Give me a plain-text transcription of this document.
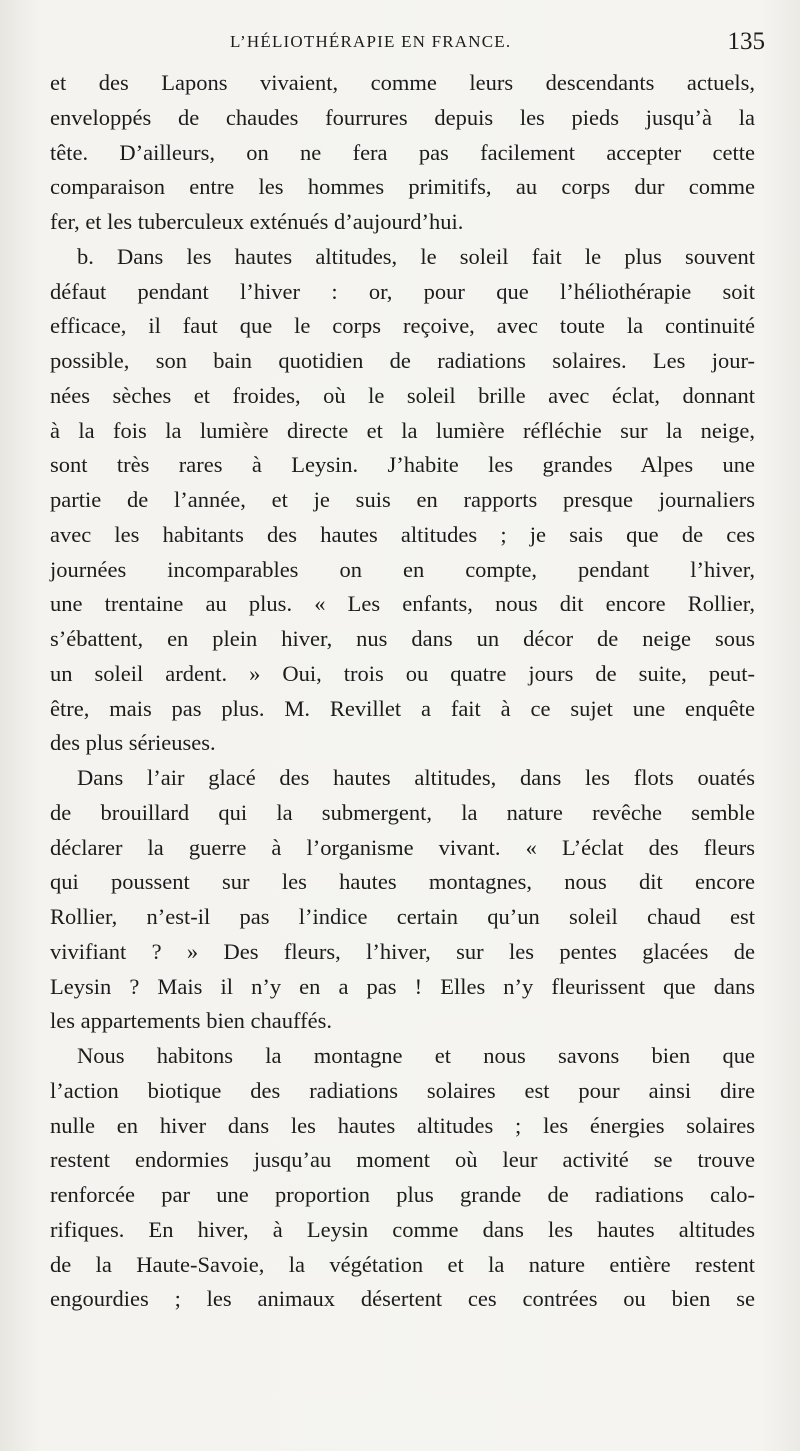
L’HÉLIOTHÉRAPIE EN FRANCE.	135
et des Lapons vivaient, comme leurs descendants actuels,
enveloppés de chaudes fourrures depuis les pieds jusqu’à la
tête. D’ailleurs, on ne fera pas facilement accepter cette
comparaison entre les hommes primitifs, au corps dur comme
fer, et les tuberculeux exténués d’aujourd’hui.
b. Dans les hautes altitudes, le soleil fait le plus souvent
défaut pendant l’hiver : or, pour que l’héliothérapie soit
efficace, il faut que le corps reçoive, avec toute la continuité
possible, son bain quotidien de radiations solaires. Les jour-
nées sèches et froides, où le soleil brille avec éclat, donnant
à la fois la lumière directe et la lumière réfléchie sur la neige,
sont très rares à Leysin. J’habite les grandes Alpes une
partie de l’année, et je suis en rapports presque journaliers
avec les habitants des hautes altitudes ; je sais que de ces
journées incomparables on en compte, pendant l’hiver,
une trentaine au plus. « Les enfants, nous dit encore Rollier,
s’ébattent, en plein hiver, nus dans un décor de neige sous
un soleil ardent. » Oui, trois ou quatre jours de suite, peut-
être, mais pas plus. M. Revillet a fait à ce sujet une enquête
des plus sérieuses.
Dans l’air glacé des hautes altitudes, dans les flots ouatés
de brouillard qui la submergent, la nature revêche semble
déclarer la guerre à l’organisme vivant. « L’éclat des fleurs
qui poussent sur les hautes montagnes, nous dit encore
Rollier, n’est-il pas l’indice certain qu’un soleil chaud est
vivifiant ? » Des fleurs, l’hiver, sur les pentes glacées de
Leysin ? Mais il n’y en a pas ! Elles n’y fleurissent que dans
les appartements bien chauffés.
Nous habitons la montagne et nous savons bien que
l’action biotique des radiations solaires est pour ainsi dire
nulle en hiver dans les hautes altitudes ; les énergies solaires
restent endormies jusqu’au moment où leur activité se trouve
renforcée par une proportion plus grande de radiations calo-
rifiques. En hiver, à Leysin comme dans les hautes altitudes
de la Haute-Savoie, la végétation et la nature entière restent
engourdies ; les animaux désertent ces contrées ou bien se
